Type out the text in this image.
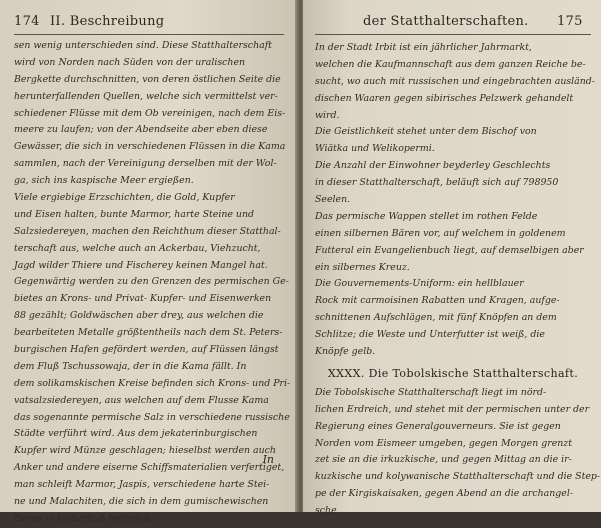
174 II. Beschreibung
sen wenig unterschieden sind. Diese Statthalterschaft
wird von Norden nach Süden von der uralischen
Bergkette durchschnitten, von deren östlichen Seite die
herunterfallenden Quellen, welche sich vermittelst ver-
schiedener Flüsse mit dem Ob vereinigen, nach dem Eis-
meere zu laufen; von der Abendseite aber eben diese
Gewässer, die sich in verschiedenen Flüssen in die Kama
sammlen, nach der Vereinigung derselben mit der Wol-
ga, sich ins kaspische Meer ergießen.
Viele ergiebige Erzschichten, die Gold, Kupfer
und Eisen halten, bunte Marmor, harte Steine und
Salzsiedereyen, machen den Reichthum dieser Statthal-
terschaft aus, welche auch an Ackerbau, Viehzucht,
Jagd wilder Thiere und Fischerey keinen Mangel hat.
Gegenwärtig werden zu den Grenzen des permischen Ge-
bietes an Krons- und Privat- Kupfer- und Eisenwerken
88 gezählt; Goldwäschen aber drey, aus welchen die
bearbeiteten Metalle größtentheils nach dem St. Peters-
burgischen Hafen gefördert werden, auf Flüssen längst
dem Fluß Tschussowaja, der in die Kama fällt. In
dem solikamskischen Kreise befinden sich Krons- und Pri-
vatsalzsiedereyen, aus welchen auf dem Flusse Kama
das sogenannte permische Salz in verschiedene russische
Städte verführt wird. Aus dem jekaterinburgischen
Kupfer wird Münze geschlagen; hieselbst werden auch
Anker und andere eiserne Schiffsmaterialien verfertiget,
man schleift Marmor, Jaspis, verschiedene harte Stei-
ne und Malachiten, die sich in dem gumischewischen
Berge in Ueberfluß befinden.
In
der Statthalterschaften. 175
In der Stadt Irbit ist ein jährlicher Jahrmarkt,
welchen die Kaufmannschaft aus dem ganzen Reiche be-
sucht, wo auch mit russischen und eingebrachten ausländ-
dischen Waaren gegen sibirisches Pelzwerk gehandelt
wird.
Die Geistlichkeit stehet unter dem Bischof von
Wiätka und Welikopermi.
Die Anzahl der Einwohner beyderley Geschlechts
in dieser Statthalterschaft, beläuft sich auf 798950
Seelen.
Das permische Wappen stellet im rothen Felde
einen silbernen Bären vor, auf welchem in goldenem
Futteral ein Evangelienbuch liegt, auf demselbigen aber
ein silbernes Kreuz.
Die Gouvernements-Uniform: ein hellblauer
Rock mit carmoisinen Rabatten und Kragen, aufge-
schnittenen Aufschlägen, mit fünf Knöpfen an dem
Schlitze; die Weste und Unterfutter ist weiß, die
Knöpfe gelb.
XXXX. Die Tobolskische Statthalterschaft.
Die Tobolskische Statthalterschaft liegt im nörd-
lichen Erdreich, und stehet mit der permischen unter der
Regierung eines Generalgouverneurs. Sie ist gegen
Norden vom Eismeer umgeben, gegen Morgen grenzt
zet sie an die irkuzkische, und gegen Mittag an die ir-
kuzkische und kolywanische Statthalterschaft und die Step-
pe der Kirgiskaisaken, gegen Abend an die archangel-
sche,
